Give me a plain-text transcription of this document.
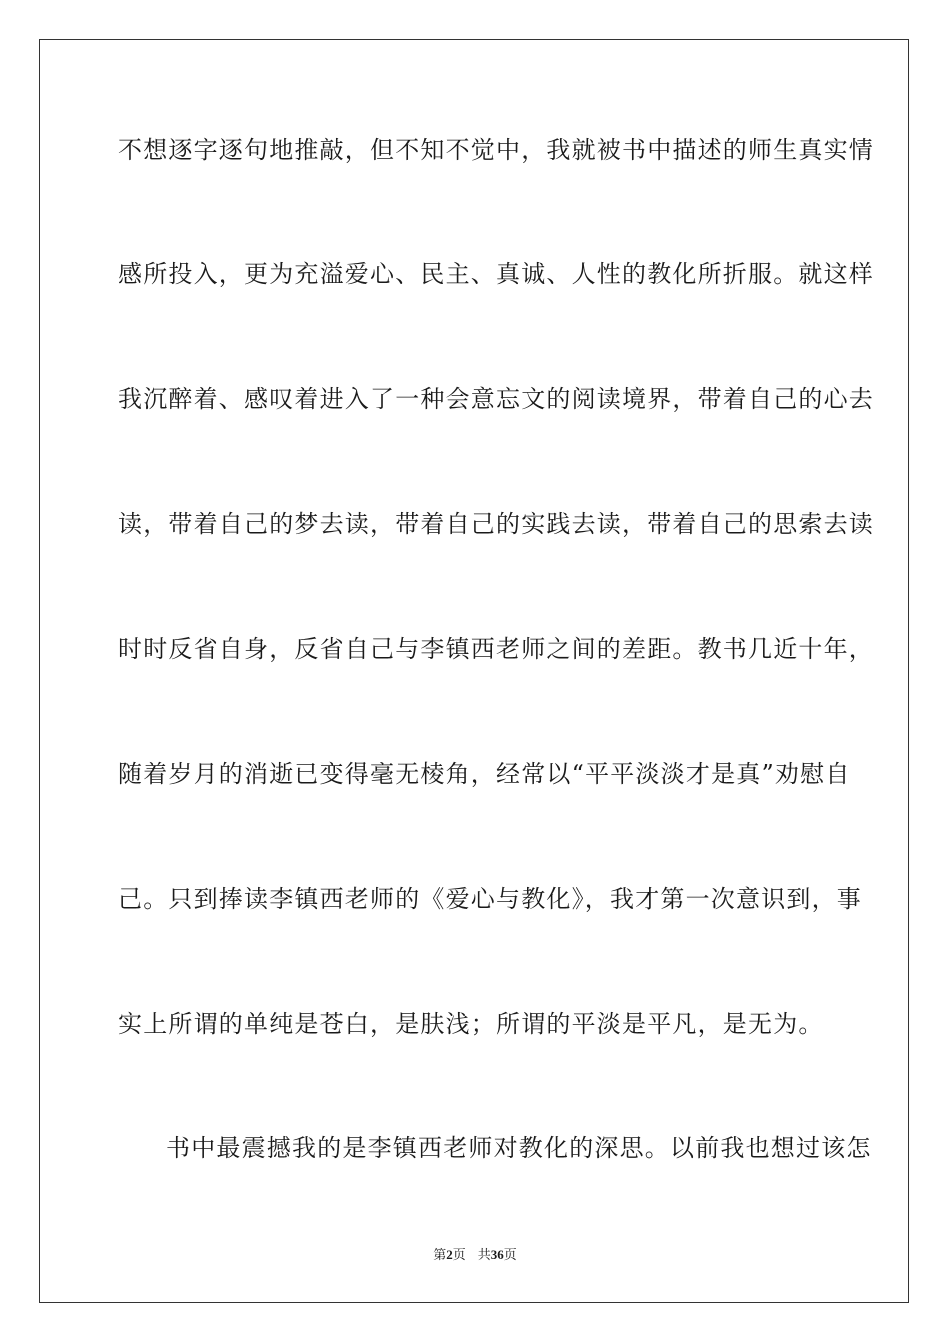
不想逐字逐句地推敲，但不知不觉中，我就被书中描述的师生真实情
感所投入，更为充溢爱心、民主、真诚、人性的教化所折服。就这样
我沉醉着、感叹着进入了一种会意忘文的阅读境界，带着自己的心去
读，带着自己的梦去读，带着自己的实践去读，带着自己的思索去读
时时反省自身，反省自己与李镇西老师之间的差距。教书几近十年，
随着岁月的消逝已变得毫无棱角，经常以“平平淡淡才是真”劝慰自
己。只到捧读李镇西老师的《爱心与教化》，我才第一次意识到，事
实上所谓的单纯是苍白，是肤浅；所谓的平淡是平凡，是无为。
书中最震撼我的是李镇西老师对教化的深思。以前我也想过该怎
第2页 共36页
